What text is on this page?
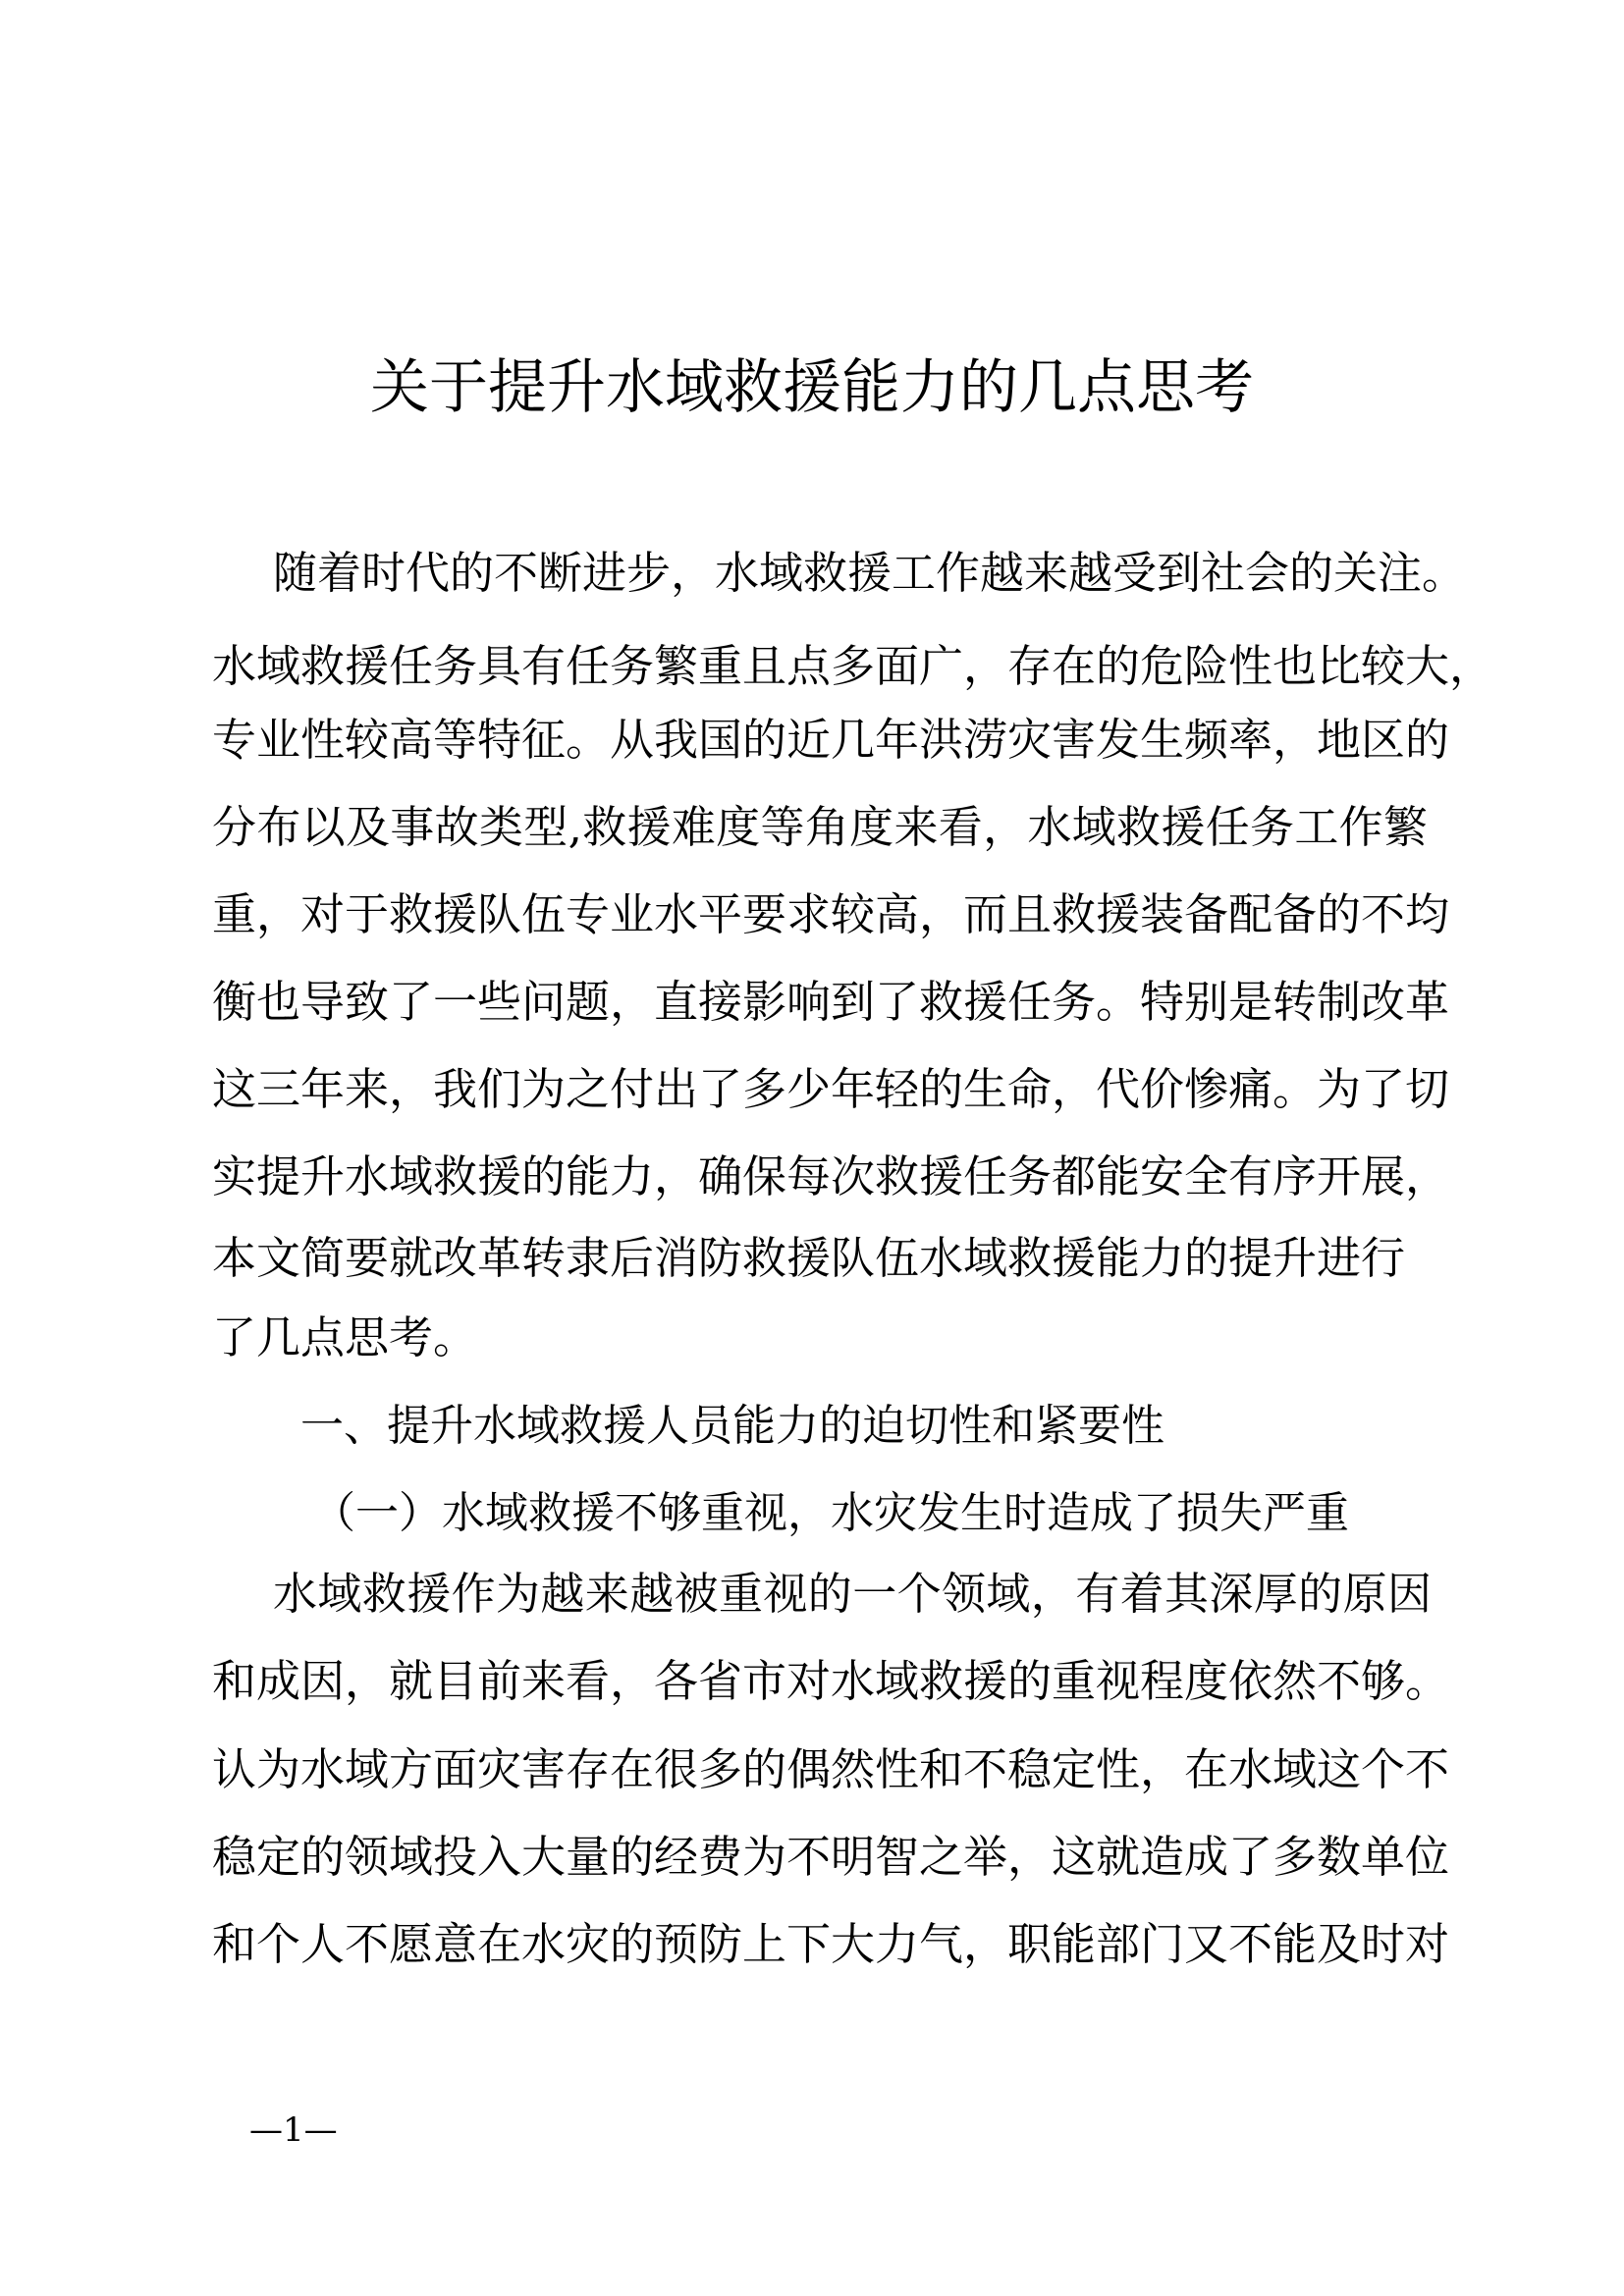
关于提升水域救援能力的几点思考
随着时代的不断进步，水域救援工作越来越受到社会的关注。
水域救援任务具有任务繁重且点多面广，存在的危险性也比较大，
专业性较高等特征。从我国的近几年洪涝灾害发生频率，地区的
分布以及事故类型,救援难度等角度来看，水域救援任务工作繁
重，对于救援队伍专业水平要求较高，而且救援装备配备的不均
衡也导致了一些问题，直接影响到了救援任务。特别是转制改革
这三年来，我们为之付出了多少年轻的生命，代价惨痛。为了切
实提升水域救援的能力，确保每次救援任务都能安全有序开展，
本文简要就改革转隶后消防救援队伍水域救援能力的提升进行
了几点思考。
一、提升水域救援人员能力的迫切性和紧要性
（一）水域救援不够重视，水灾发生时造成了损失严重
水域救援作为越来越被重视的一个领域，有着其深厚的原因
和成因，就目前来看，各省市对水域救援的重视程度依然不够。
认为水域方面灾害存在很多的偶然性和不稳定性，在水域这个不
稳定的领域投入大量的经费为不明智之举，这就造成了多数单位
和个人不愿意在水灾的预防上下大力气，职能部门又不能及时对
—1—
